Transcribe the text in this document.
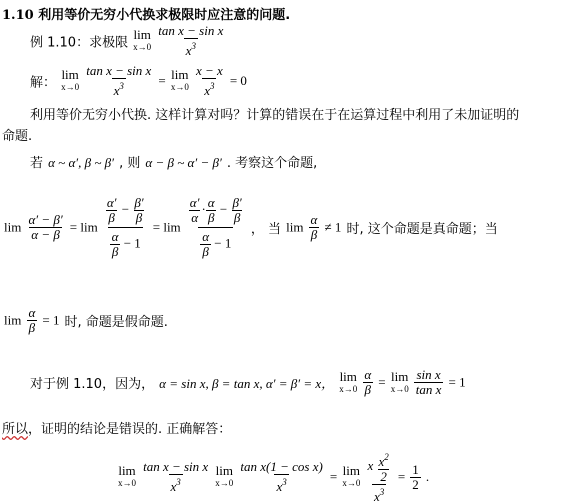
1.10 利用等价无穷小代换求极限时应注意的问题.
例 1.10：求极限
lim
x→0
$\frac{\text{tan x − sin x}}{x^3}$
解：
lim
x→0
$\frac{\text{tan x − sin x}}{x^3} = \lim$
x→0
$\frac{x - x}{x^3} = 0$
利用等价无穷小代换. 这样计算对吗？计算的错误在于在运算过程中利用了未加证明的
命题.
若 α ~ α′, β ~ β′ , 则 α − β ~ α′ − β′ . 考察这个命题,
$\lim \frac{\alpha' - \beta'}{\alpha - \beta} = \lim \frac{\frac{\alpha'}{\beta} - \frac{\beta'}{\beta}}{\frac{\alpha}{\beta} - 1} = \lim \frac{\frac{\alpha'}{\alpha} \cdot \frac{\alpha}{\beta} - \frac{\beta'}{\beta}}{\frac{\alpha}{\beta} - 1}$ ， 当 $\lim \frac{\alpha}{\beta} \ne 1$ 时, 这个命题是真命题；当
$\lim \frac{\alpha}{\beta} = 1$ 时, 命题是假命题.
对于例 1.10，因为， α = sin x, β = tan x, α′ = β′ = x， lim
x→0
$\frac{\alpha}{\beta} = \lim$
x→0
$\frac{\text{sin x}}{\text{tan x}} = 1$
所以，证明的结论是错误的. 正确解答：
lim
x→0
$\frac{\text{tan x − sin x}}{x^3}$
lim
x→0
$\frac{\text{tan x(1 − cos x)}}{x^3} = \lim$
x→0
$\frac{x \frac{x^2}{2}}{x^3} = \frac{1}{2}$ .
